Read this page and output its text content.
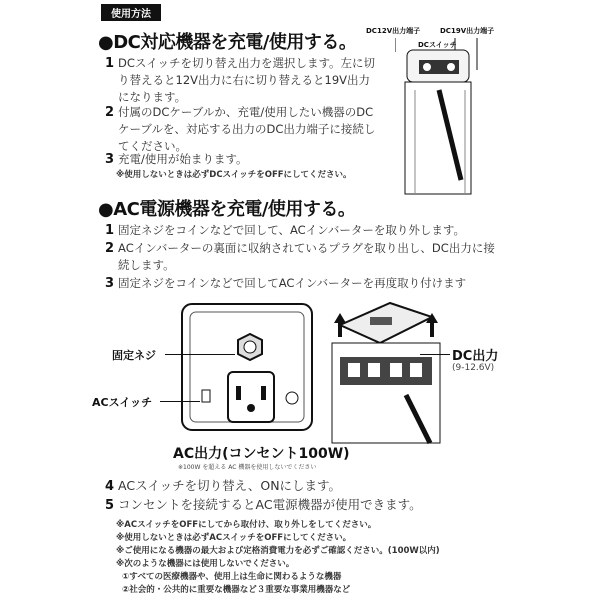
使用方法
●DC対応機器を充電/使用する。
1 DCスイッチを切り替え出力を選択します。左に切
り替えると12V出力に右に切り替えると19V出力
になります。
2 付属のDCケーブルか、充電/使用したい機器のDC
ケーブルを、対応する出力のDC出力端子に接続し
てください。
3 充電/使用が始まります。
※使用しないときは必ずDCスイッチをOFFにしてください。
DC12V出力端子	DC19V出力端子
DCスイッチ
●AC電源機器を充電/使用する。
1 固定ネジをコインなどで回して、ACインバーターを取り外します。
2 ACインバーターの裏面に収納されているプラグを取り出し、DC出力に接
続します。
3 固定ネジをコインなどで回してACインバーターを再度取り付けます
固定ネジ
ACスイッチ
AC出力(コンセント100W)
※100W を超える AC 機器を使用しないでください
DC出力
(9-12.6V)
4 ACスイッチを切り替え、ONにします。
5 コンセントを接続するとAC電源機器が使用できます。
※ACスイッチをOFFにしてから取付け、取り外しをしてください。
※使用しないときは必ずACスイッチをOFFにしてください。
※ご使用になる機器の最大および定格消費電力を必ずご確認ください。(100W以内)
※次のような機器には使用しないでください。
①すべての医療機器や、使用上は生命に関わるような機器
②社会的・公共的に重要な機器など３重要な事業用機器など
